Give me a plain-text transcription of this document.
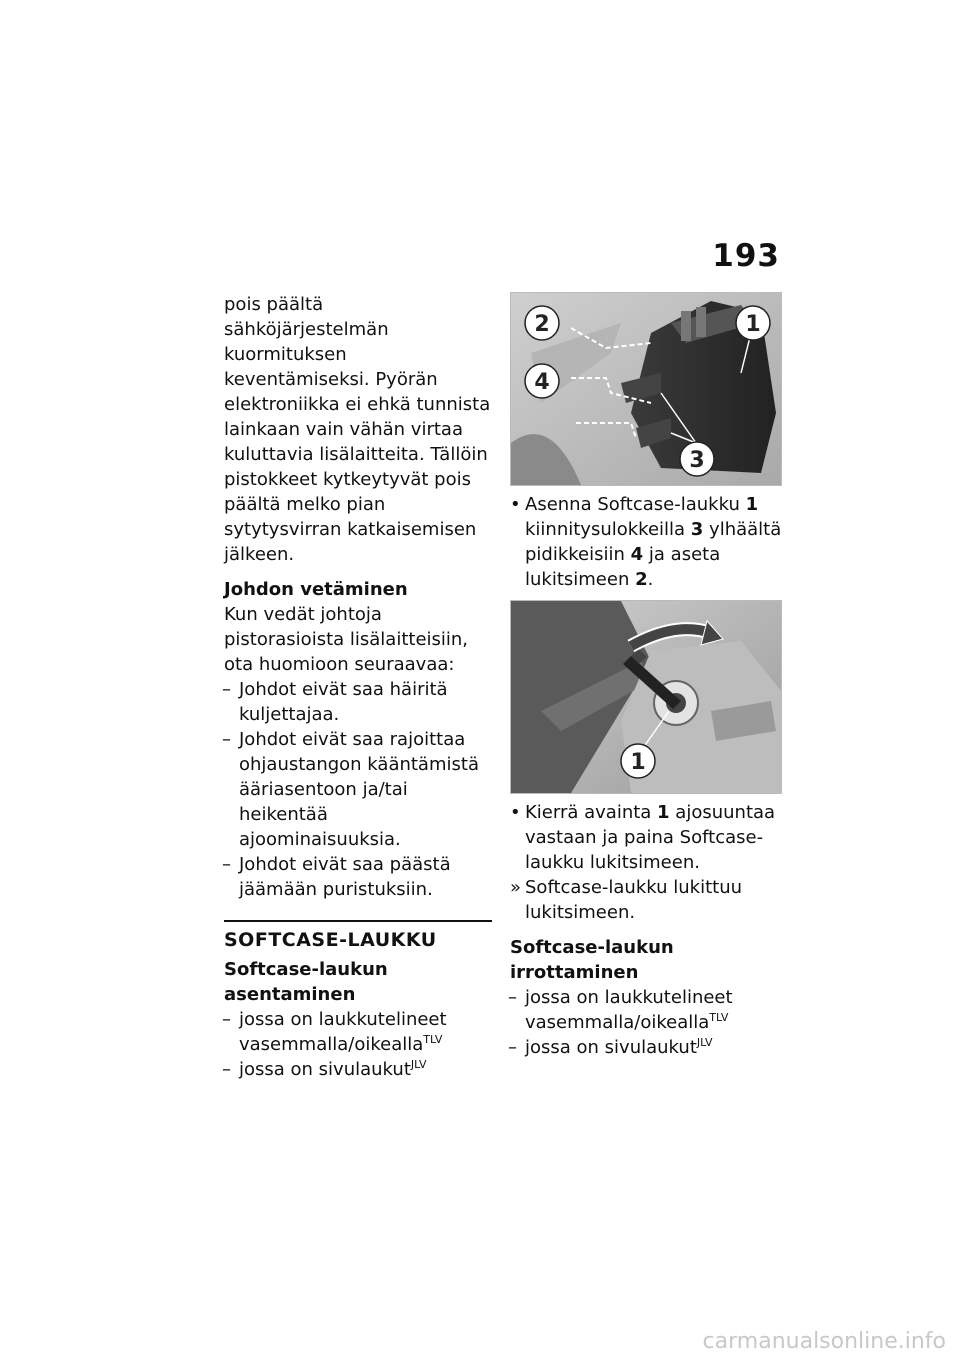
193

pois päältä sähköjärjestelmän kuormituksen keventämiseksi. Pyörän elektroniikka ei ehkä tunnista lainkaan vain vähän virtaa kuluttavia lisälaitteita. Tällöin pistokkeet kytkeytyvät pois päältä melko pian sytytysvirran katkaisemisen jälkeen.

Johdon vetäminen

Kun vedät johtoja pistorasioista lisälaitteisiin, ota huomioon seuraavaa:

– Johdot eivät saa häiritä kuljettajaa.

– Johdot eivät saa rajoittaa ohjaustangon kääntämistä ääriasentoon ja/tai heikentää ajoominaisuuksia.

– Johdot eivät saa päästä jäämään puristuksiin.

SOFTCASE-LAUKKU

Softcase-laukun asentaminen

– jossa on laukkutelineet vasemmalla/oikealla$^{TLV}$

– jossa on sivulaukut$^{JLV}$

2	1
4
3

• Asenna Softcase-laukku 1 kiinnitysulokkeilla 3 ylhäältä pidikkeisiin 4 ja aseta lukitsimeen 2.

1

• Kierrä avainta 1 ajosuuntaa vastaan ja paina Softcase-laukku lukitsimeen.

» Softcase-laukku lukittuu lukitsimeen.

Softcase-laukun irrottaminen

– jossa on laukkutelineet vasemmalla/oikealla$^{TLV}$

– jossa on sivulaukut$^{JLV}$

carmanualsonline.info
